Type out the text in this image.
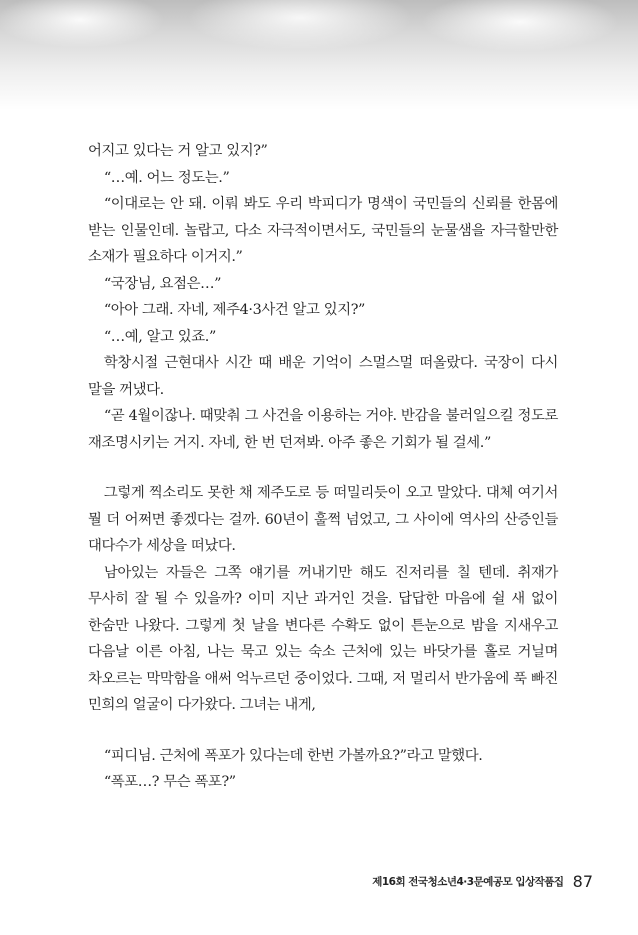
어지고 있다는 거 알고 있지?”

“…예. 어느 정도는.”

“이대로는 안 돼. 이뤄 봐도 우리 박피디가 명색이 국민들의 신뢰를 한몸에 받는 인물인데. 놀랍고, 다소 자극적이면서도, 국민들의 눈물샘을 자극할만한 소재가 필요하다 이거지.”

“국장님, 요점은…”

“아아 그래. 자네, 제주4·3사건 알고 있지?”

“…예, 알고 있죠.”

학창시절 근현대사 시간 때 배운 기억이 스멀스멀 떠올랐다. 국장이 다시 말을 꺼냈다.

“곧 4월이잖나. 때맞춰 그 사건을 이용하는 거야. 반감을 불러일으킬 정도로 재조명시키는 거지. 자네, 한 번 던져봐. 아주 좋은 기회가 될 걸세.”

그렇게 찍소리도 못한 채 제주도로 등 떠밀리듯이 오고 말았다. 대체 여기서 뭘 더 어쩌면 좋겠다는 걸까. 60년이 훌쩍 넘었고, 그 사이에 역사의 산증인들 대다수가 세상을 떠났다.

남아있는 자들은 그쪽 얘기를 꺼내기만 해도 진저리를 칠 텐데. 취재가 무사히 잘 될 수 있을까? 이미 지난 과거인 것을. 답답한 마음에 쉴 새 없이 한숨만 나왔다. 그렇게 첫 날을 변다른 수확도 없이 튼눈으로 밤을 지새우고 다음날 이른 아침, 나는 묵고 있는 숙소 근처에 있는 바닷가를 홀로 거닐며 차오르는 막막함을 애써 억누르던 중이었다. 그때, 저 멀리서 반가움에 푹 빠진 민희의 얼굴이 다가왔다. 그녀는 내게,

“피디님. 근처에 폭포가 있다는데 한번 가볼까요?”라고 말했다.

“폭포…? 무슨 폭포?”

제16회 전국청소년4·3문예공모 입상작품집 87
